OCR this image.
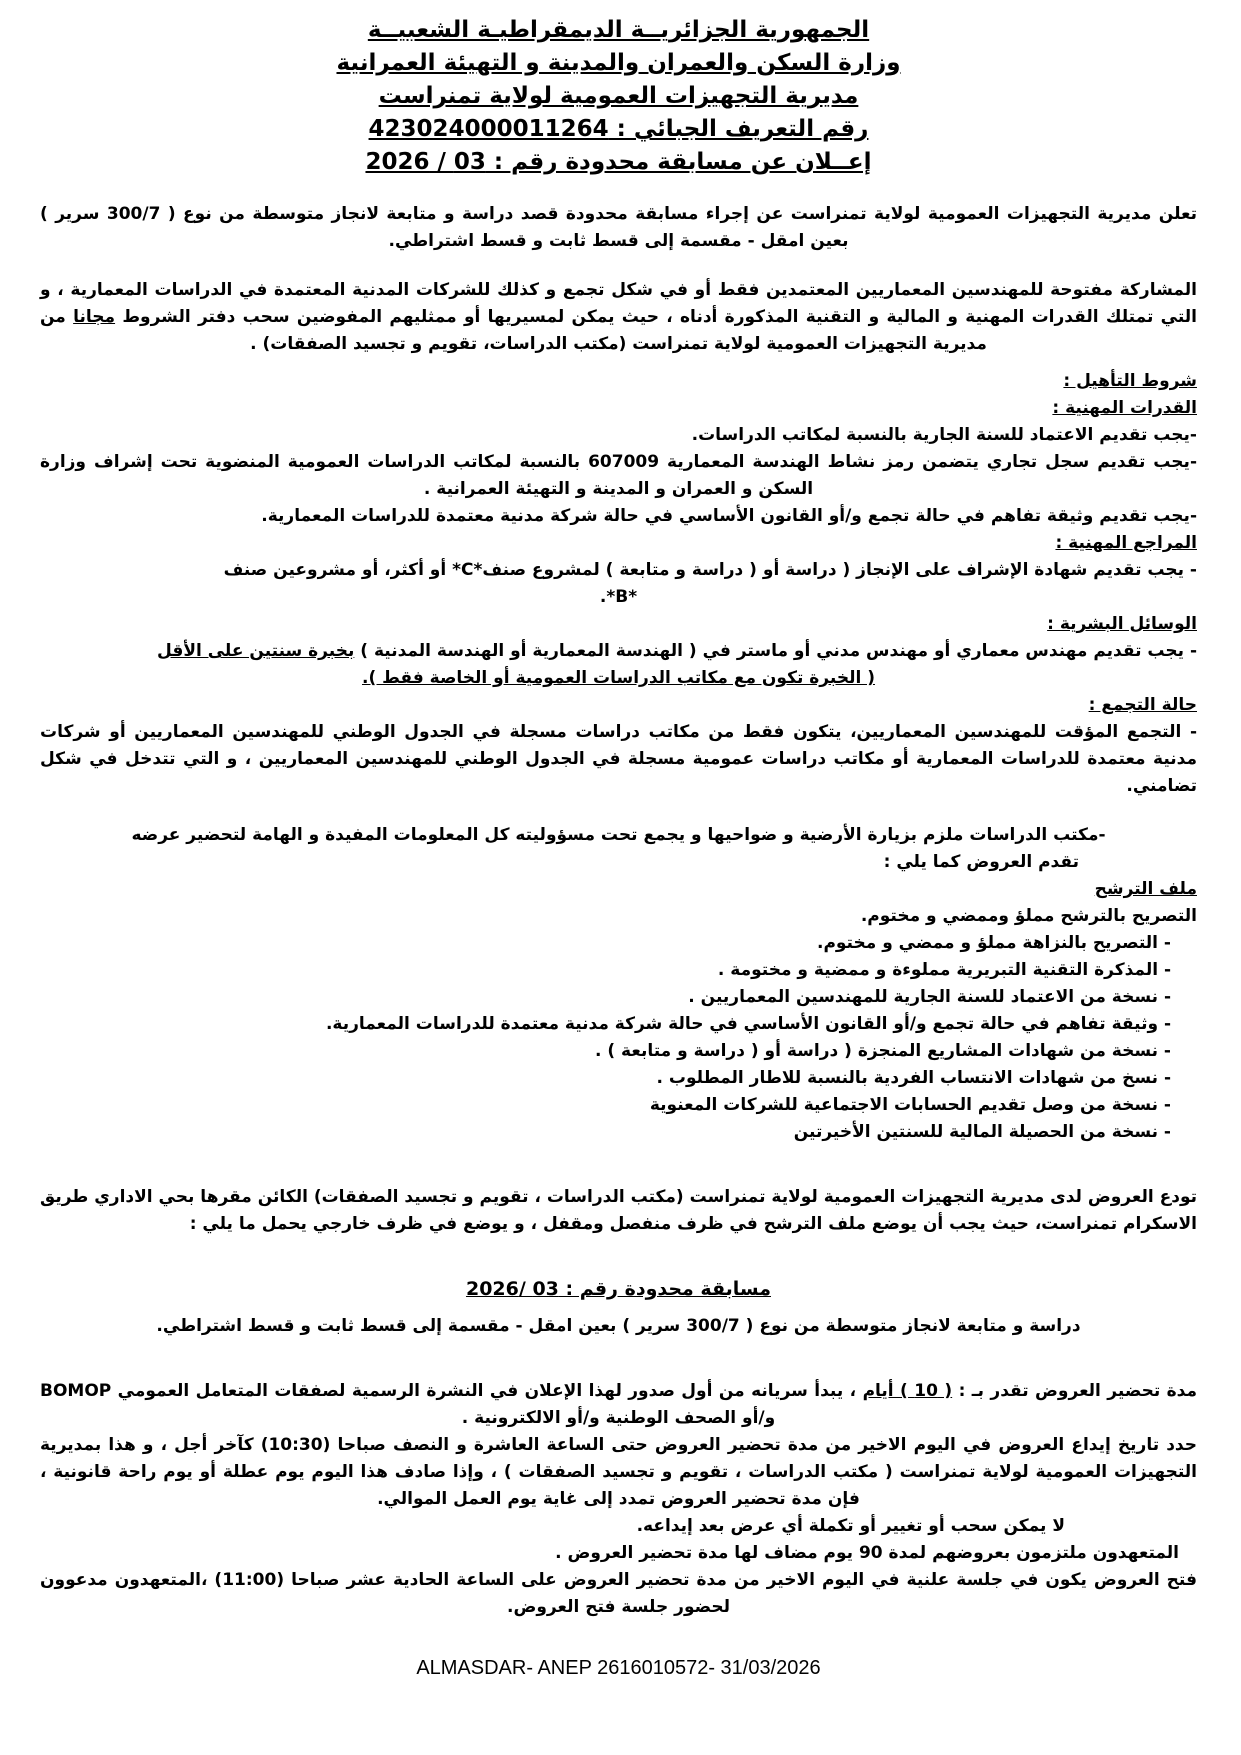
الجمهورية الجزائريــة الديمقراطيـة الشعبيــة
وزارة السكن والعمران والمدينة و التهيئة العمرانية
مديرية التجهيزات العمومية لولاية تمنراست
رقم التعريف الجبائي : 423024000011264
إعــلان عن مسابقة محدودة رقم : 03 / 2026
تعلن مديرية التجهيزات العمومية لولاية تمنراست عن إجراء مسابقة محدودة قصد دراسة و متابعة لانجاز متوسطة من نوع ( 300/7 سرير ) بعين امقل - مقسمة إلى قسط ثابت و قسط اشتراطي.
المشاركة مفتوحة للمهندسين المعماريين المعتمدين فقط أو في شكل تجمع و كذلك للشركات المدنية المعتمدة في الدراسات المعمارية ، و التي تمتلك القدرات المهنية و المالية و التقنية المذكورة أدناه ، حيث يمكن لمسيريها أو ممثليهم المفوضين سحب دفتر الشروط مجانا من مديرية التجهيزات العمومية لولاية تمنراست (مكتب الدراسات، تقويم و تجسيد الصفقات) .
شروط التأهيل :
القدرات المهنية :
-يجب تقديم الاعتماد للسنة الجارية بالنسبة لمكاتب الدراسات.
-يجب تقديم سجل تجاري يتضمن رمز نشاط الهندسة المعمارية 607009 بالنسبة لمكاتب الدراسات العمومية المنضوية تحت إشراف وزارة السكن و العمران و المدينة و التهيئة العمرانية .
-يجب تقديم وثيقة تفاهم في حالة تجمع و/أو القانون الأساسي في حالة شركة مدنية معتمدة للدراسات المعمارية.
المراجع المهنية :
- يجب تقديم شهادة الإشراف على الإنجاز ( دراسة أو ( دراسة و متابعة ) لمشروع صنف*C* أو أكثر، أو مشروعين صنف
*B*.
الوسائل البشرية :
- يجب تقديم مهندس معماري أو مهندس مدني أو ماستر في ( الهندسة المعمارية أو الهندسة المدنية ) بخبرة سنتين على الأقل
( الخبرة تكون مع مكاتب الدراسات العمومية أو الخاصة فقط ).
حالة التجمع :
- التجمع المؤقت للمهندسين المعماريين، يتكون فقط من مكاتب دراسات مسجلة في الجدول الوطني للمهندسين المعماريين أو شركات مدنية معتمدة للدراسات المعمارية أو مكاتب دراسات عمومية مسجلة في الجدول الوطني للمهندسين المعماريين ، و التي تتدخل في شكل تضامني.
-مكتب الدراسات ملزم بزيارة الأرضية و ضواحيها و يجمع تحت مسؤوليته كل المعلومات المفيدة و الهامة لتحضير عرضه
تقدم العروض كما يلي :
ملف الترشح
التصريح بالترشح مملؤ وممضي و مختوم.
- التصريح بالنزاهة مملؤ و ممضي و مختوم.
- المذكرة التقنية التبريرية مملوءة و ممضية و مختومة .
- نسخة من الاعتماد للسنة الجارية للمهندسين المعماريين .
- وثيقة تفاهم في حالة تجمع و/أو القانون الأساسي في حالة شركة مدنية معتمدة للدراسات المعمارية.
- نسخة من شهادات المشاريع المنجزة ( دراسة أو ( دراسة و متابعة ) .
- نسخ من شهادات الانتساب الفردية بالنسبة للاطار المطلوب .
- نسخة من وصل تقديم الحسابات الاجتماعية للشركات المعنوية
- نسخة من الحصيلة المالية للسنتين الأخيرتين
تودع العروض لدى مديرية التجهيزات العمومية لولاية تمنراست (مكتب الدراسات ، تقويم و تجسيد الصفقات) الكائن مقرها بحي الاداري طريق الاسكرام تمنراست، حيث يجب أن يوضع ملف الترشح في ظرف منفصل ومقفل ، و يوضع في ظرف خارجي يحمل ما يلي :
مسابقة محدودة رقم : 03 /2026
دراسة و متابعة لانجاز متوسطة من نوع ( 300/7 سرير ) بعين امقل - مقسمة إلى قسط ثابت و قسط اشتراطي.
مدة تحضير العروض تقدر بـ : ( 10 ) أيام ، يبدأ سريانه من أول صدور لهذا الإعلان في النشرة الرسمية لصفقات المتعامل العمومي BOMOP و/أو الصحف الوطنية و/أو الالكترونية .
حدد تاريخ إيداع العروض في اليوم الاخير من مدة تحضير العروض حتى الساعة العاشرة و النصف صباحا (10:30) كآخر أجل ، و هذا بمديرية التجهيزات العمومية لولاية تمنراست ( مكتب الدراسات ، تقويم و تجسيد الصفقات ) ، وإذا صادف هذا اليوم يوم عطلة أو يوم راحة قانونية ، فإن مدة تحضير العروض تمدد إلى غاية يوم العمل الموالي.
لا يمكن سحب أو تغيير أو تكملة أي عرض بعد إيداعه.
المتعهدون ملتزمون بعروضهم لمدة 90 يوم مضاف لها مدة تحضير العروض .
فتح العروض يكون في جلسة علنية في اليوم الاخير من مدة تحضير العروض على الساعة الحادية عشر صباحا (11:00) ،المتعهدون مدعوون لحضور جلسة فتح العروض.
ALMASDAR- ANEP 2616010572- 31/03/2026
